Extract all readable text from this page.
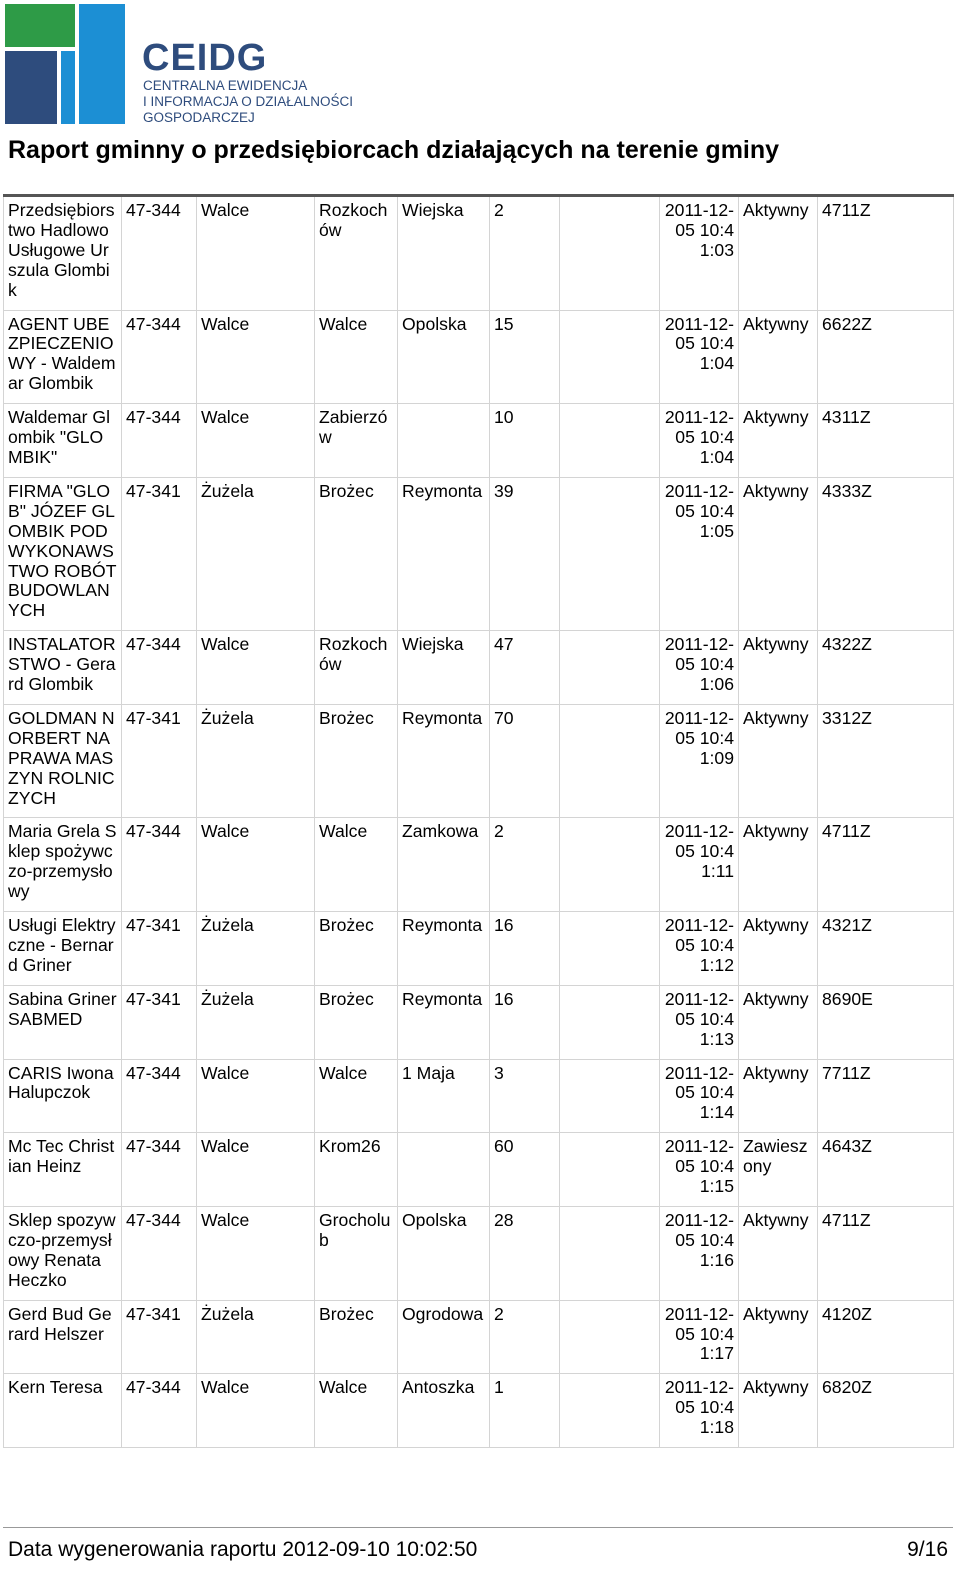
CEIDG
CENTRALNA EWIDENCJA
I INFORMACJA O DZIAŁALNOŚCI
GOSPODARCZEJ
Raport gminny o przedsiębiorcach działających na terenie gminy
Przedsiębiorstwo Hadlowo Usługowe Urszula Glombik	47-344	Walce	Rozkochów	Wiejska	2		2011-12-05 10:41:03	Aktywny	4711Z
AGENT UBEZPIECZENIOWY - Waldemar Glombik	47-344	Walce	Walce	Opolska	15		2011-12-05 10:41:04	Aktywny	6622Z
Waldemar Glombik "GLOMBIK"	47-344	Walce	Zabierzów		10		2011-12-05 10:41:04	Aktywny	4311Z
FIRMA "GLOB" JÓZEF GLOMBIK PODWYKONAWSTWO ROBÓT BUDOWLANYCH	47-341	Żużela	Brożec	Reymonta	39		2011-12-05 10:41:05	Aktywny	4333Z
INSTALATORSTWO - Gerard Glombik	47-344	Walce	Rozkochów	Wiejska	47		2011-12-05 10:41:06	Aktywny	4322Z
GOLDMAN NORBERT NAPRAWA MASZYN ROLNICZYCH	47-341	Żużela	Brożec	Reymonta	70		2011-12-05 10:41:09	Aktywny	3312Z
Maria Grela Sklep spożywczo-przemysłowy	47-344	Walce	Walce	Zamkowa	2		2011-12-05 10:41:11	Aktywny	4711Z
Usługi Elektryczne - Bernard Griner	47-341	Żużela	Brożec	Reymonta	16		2011-12-05 10:41:12	Aktywny	4321Z
Sabina Griner SABMED	47-341	Żużela	Brożec	Reymonta	16		2011-12-05 10:41:13	Aktywny	8690E
CARIS Iwona Halupczok	47-344	Walce	Walce	1 Maja	3		2011-12-05 10:41:14	Aktywny	7711Z
Mc Tec Christian Heinz	47-344	Walce	Krom26		60		2011-12-05 10:41:15	Zawieszony	4643Z
Sklep spozywczo-przemysłowy Renata Heczko	47-344	Walce	Grocholub	Opolska	28		2011-12-05 10:41:16	Aktywny	4711Z
Gerd Bud Gerard Helszer	47-341	Żużela	Brożec	Ogrodowa	2		2011-12-05 10:41:17	Aktywny	4120Z
Kern Teresa	47-344	Walce	Walce	Antoszka	1		2011-12-05 10:41:18	Aktywny	6820Z
Data wygenerowania raportu 2012-09-10 10:02:50	9/16
